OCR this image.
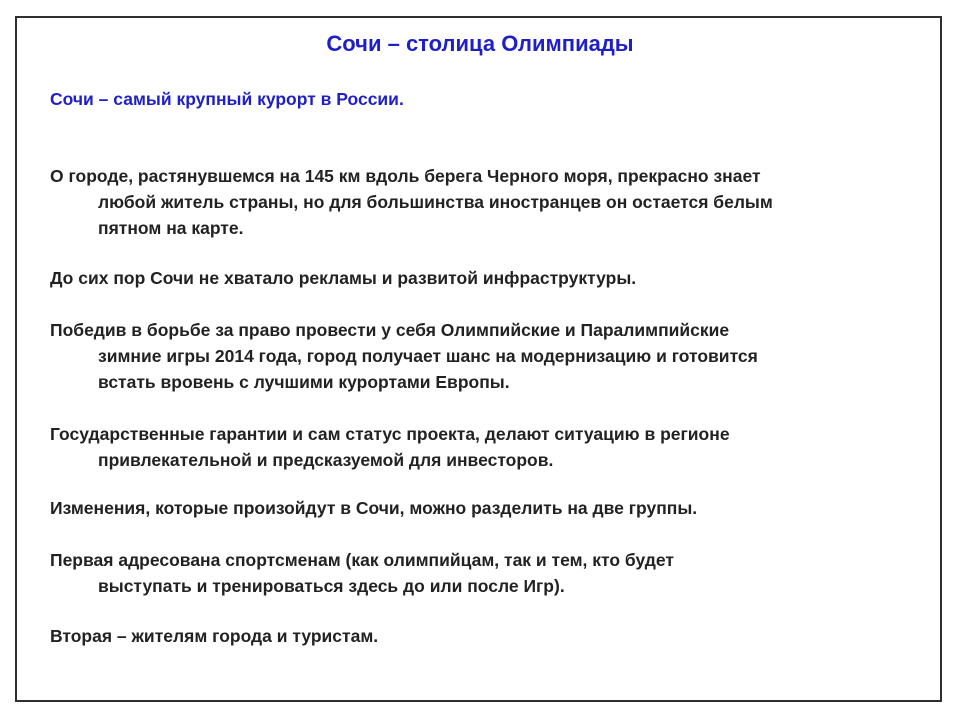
Сочи – столица Олимпиады

Сочи – самый крупный курорт в России.

О городе, растянувшемся на 145 км вдоль берега Черного моря, прекрасно знает
любой житель страны, но для большинства иностранцев он остается белым
пятном на карте.

До сих пор Сочи не хватало рекламы и развитой инфраструктуры.

Победив в борьбе за право провести у себя Олимпийские и Паралимпийские
зимние игры 2014 года, город получает шанс на модернизацию и готовится
встать вровень с лучшими курортами Европы.

Государственные гарантии и сам статус проекта, делают ситуацию в регионе
привлекательной и предсказуемой для инвесторов.

Изменения, которые произойдут в Сочи, можно разделить на две группы.

Первая адресована спортсменам (как олимпийцам, так и тем, кто будет
выступать и тренироваться здесь до или после Игр).

Вторая – жителям города и туристам.
